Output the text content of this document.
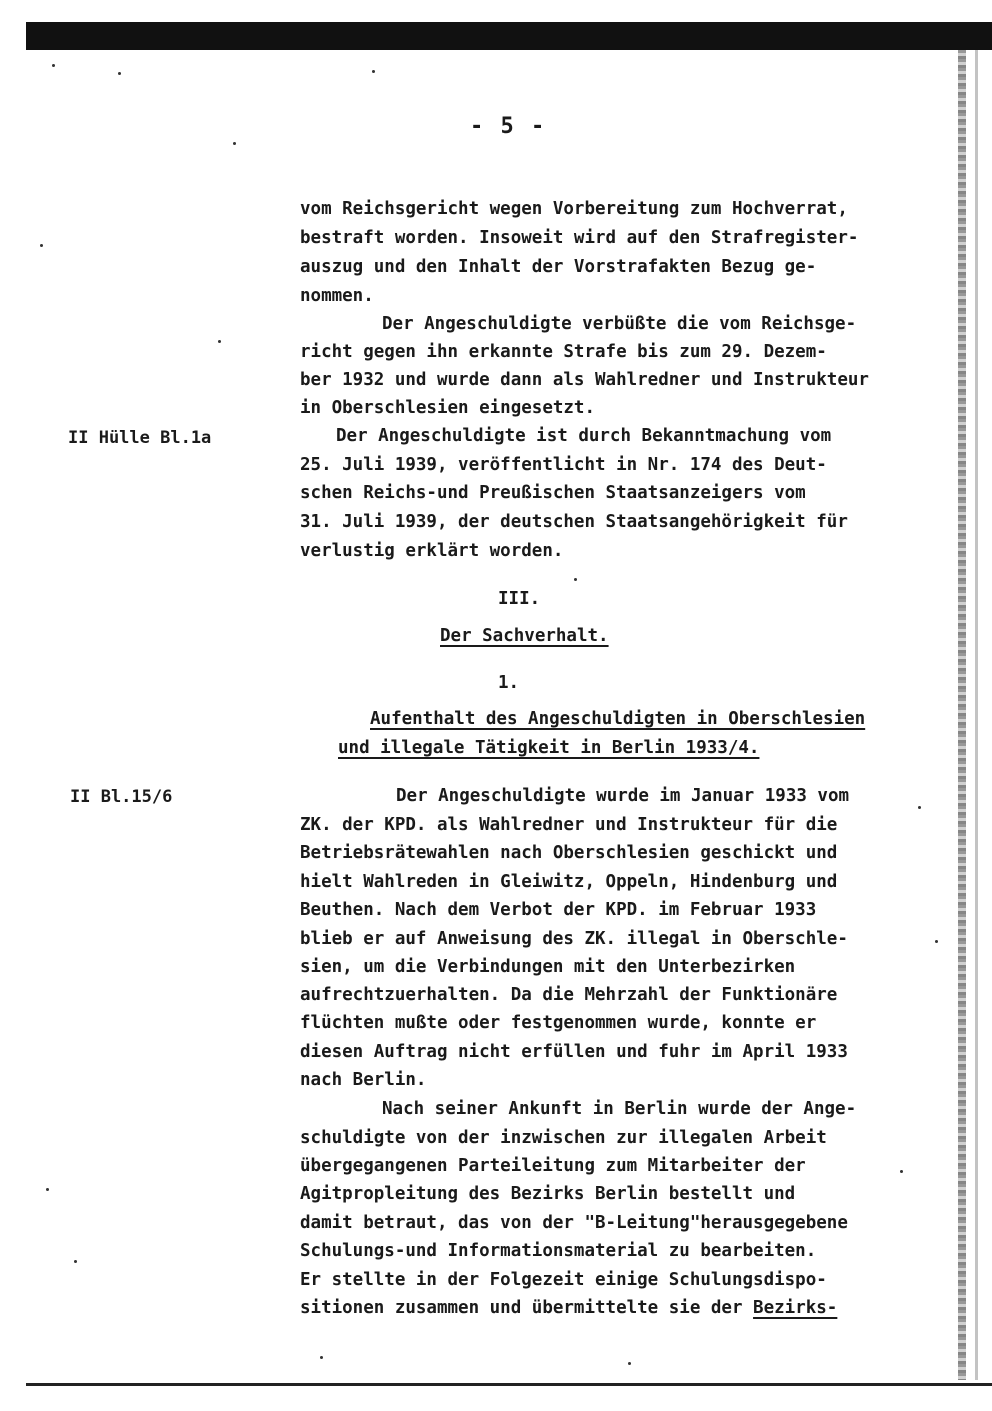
- 5 -
II Hülle Bl.1a
II Bl.15/6
vom Reichsgericht wegen Vorbereitung zum Hochverrat,
bestraft worden. Insoweit wird auf den Strafregister-
auszug und den Inhalt der Vorstrafakten Bezug ge-
nommen.
Der Angeschuldigte verbüßte die vom Reichsge-
richt gegen ihn erkannte Strafe bis zum 29. Dezem-
ber 1932 und wurde dann als Wahlredner und Instrukteur
in Oberschlesien eingesetzt.
Der Angeschuldigte ist durch Bekanntmachung vom
25. Juli 1939, veröffentlicht in Nr. 174 des Deut-
schen Reichs-und Preußischen Staatsanzeigers vom
31. Juli 1939, der deutschen Staatsangehörigkeit für
verlustig erklärt worden.
III.
Der Sachverhalt.
1.
Aufenthalt des Angeschuldigten in Oberschlesien
und illegale Tätigkeit in Berlin 1933/4.
Der Angeschuldigte wurde im Januar 1933 vom
ZK. der KPD. als Wahlredner und Instrukteur für die
Betriebsrätewahlen nach Oberschlesien geschickt und
hielt Wahlreden in Gleiwitz, Oppeln, Hindenburg und
Beuthen. Nach dem Verbot der KPD. im Februar 1933
blieb er auf Anweisung des ZK. illegal in Oberschle-
sien, um die Verbindungen mit den Unterbezirken
aufrechtzuerhalten. Da die Mehrzahl der Funktionäre
flüchten mußte oder festgenommen wurde, konnte er
diesen Auftrag nicht erfüllen und fuhr im April 1933
nach Berlin.
Nach seiner Ankunft in Berlin wurde der Ange-
schuldigte von der inzwischen zur illegalen Arbeit
übergegangenen Parteileitung zum Mitarbeiter der
Agitpropleitung des Bezirks Berlin bestellt und
damit betraut, das von der "B-Leitung"herausgegebene
Schulungs-und Informationsmaterial zu bearbeiten.
Er stellte in der Folgezeit einige Schulungsdispo-
sitionen zusammen und übermittelte sie der Bezirks-
